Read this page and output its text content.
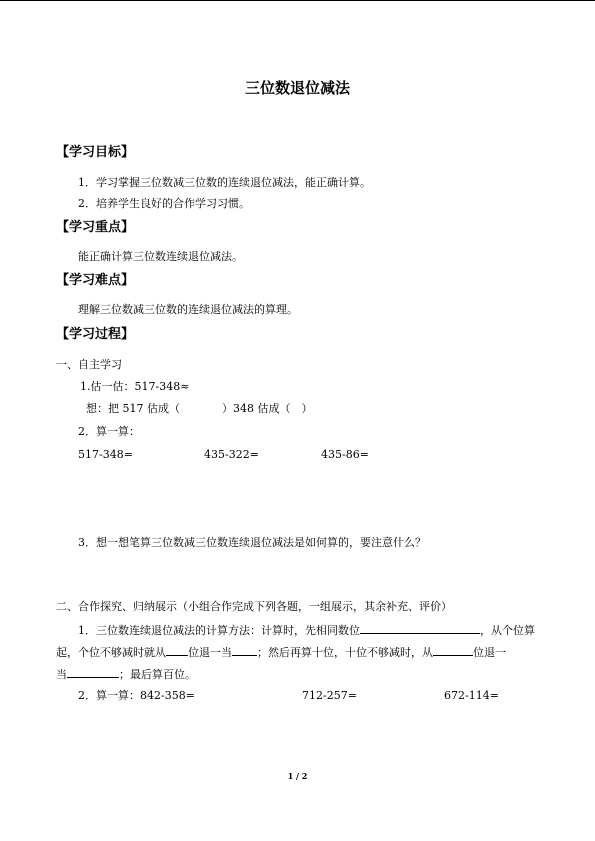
三位数退位减法
【学习目标】
1．学习掌握三位数减三位数的连续退位减法，能正确计算。
2．培养学生良好的合作学习习惯。
【学习重点】
能正确计算三位数连续退位减法。
【学习难点】
理解三位数减三位数的连续退位减法的算理。
【学习过程】
一、自主学习
1.估一估：517-348≈
想：把 517 估成（	）348 估成（ ）
2．算一算：
517-348=	435-322=	435-86=
3．想一想笔算三位数减三位数连续退位减法是如何算的，要注意什么？
二、合作探究、归纳展示（小组合作完成下列各题，一组展示，其余补充、评价）
1．三位数连续退位减法的计算方法：计算时，先相同数位	，从个位算
起，个位不够减时就从 位退一当 ；然后再算十位，十位不够减时，从	位退一
当	；最后算百位。
2．算一算：842-358=	712-257=	672-114=
1 / 2
